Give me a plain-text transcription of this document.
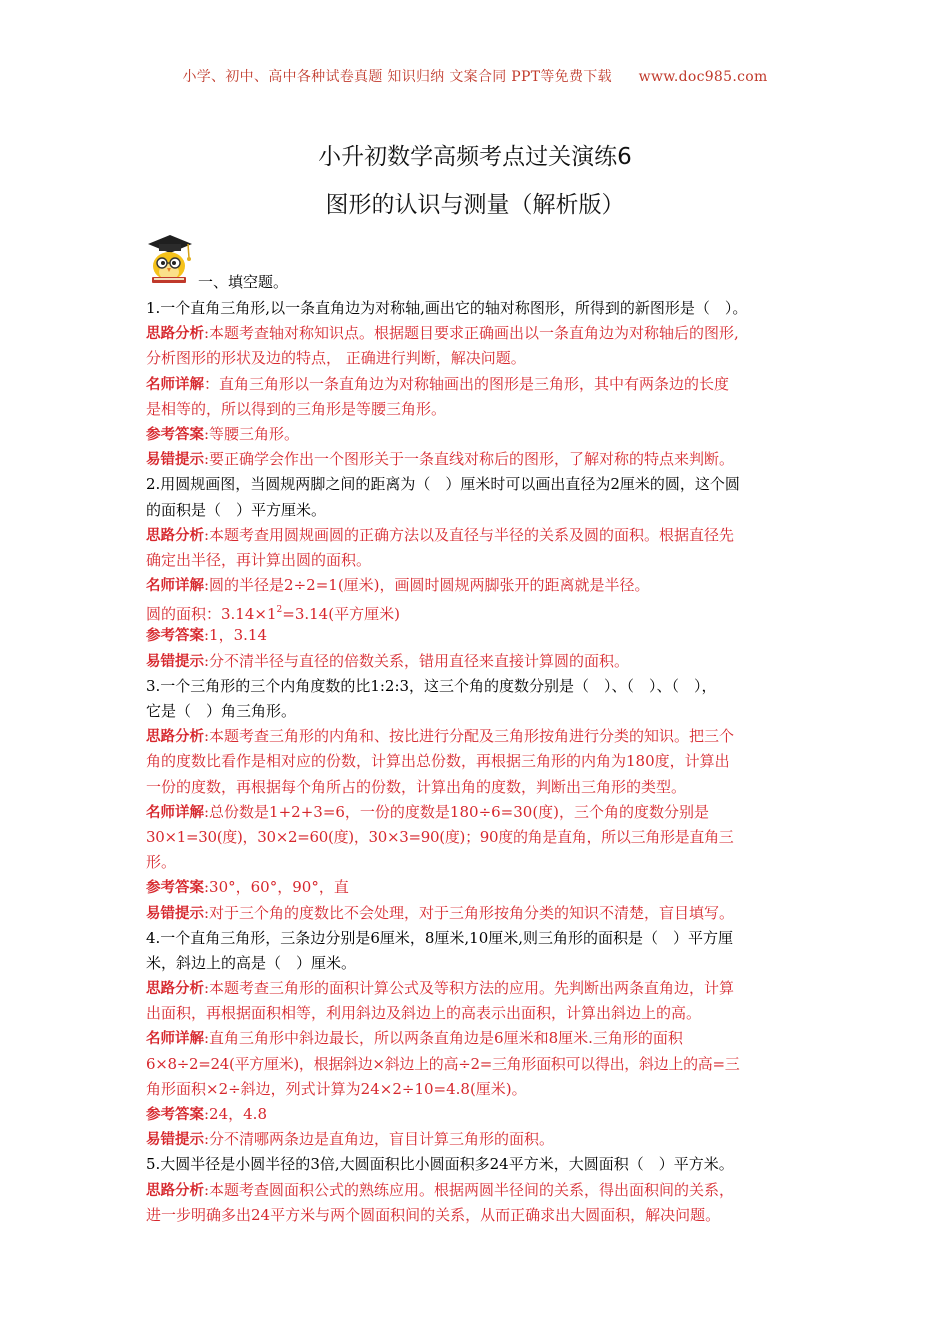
小学、初中、高中各种试卷真题 知识归纳 文案合同 PPT等免费下载 www.doc985.com
小升初数学高频考点过关演练6
图形的认识与测量（解析版）
一、填空题。
1.一个直角三角形,以一条直角边为对称轴,画出它的轴对称图形，所得到的新图形是（　）。
思路分析:本题考查轴对称知识点。根据题目要求正确画出以一条直角边为对称轴后的图形,
分析图形的形状及边的特点， 正确进行判断，解决问题。
名师详解：直角三角形以一条直角边为对称轴画出的图形是三角形，其中有两条边的长度
是相等的，所以得到的三角形是等腰三角形。
参考答案:等腰三角形。
易错提示:要正确学会作出一个图形关于一条直线对称后的图形，了解对称的特点来判断。
2.用圆规画图，当圆规两脚之间的距离为（　）厘米时可以画出直径为2厘米的圆，这个圆
的面积是（　）平方厘米。
思路分析:本题考查用圆规画圆的正确方法以及直径与半径的关系及圆的面积。根据直径先
确定出半径，再计算出圆的面积。
名师详解:圆的半径是2÷2=1(厘米)，画圆时圆规两脚张开的距离就是半径。
圆的面积：$3.14\times 1^2=3.14$(平方厘米)
参考答案:1，3.14
易错提示:分不清半径与直径的倍数关系，错用直径来直接计算圆的面积。
3.一个三角形的三个内角度数的比1:2:3，这三个角的度数分别是（　）、（　）、（　），
它是（　）角三角形。
思路分析:本题考查三角形的内角和、按比进行分配及三角形按角进行分类的知识。把三个
角的度数比看作是相对应的份数，计算出总份数，再根据三角形的内角为180度，计算出
一份的度数，再根据每个角所占的份数，计算出角的度数，判断出三角形的类型。
名师详解:总份数是1+2+3=6，一份的度数是180÷6=30(度)，三个角的度数分别是
30×1=30(度)，30×2=60(度)，30×3=90(度)；90度的角是直角，所以三角形是直角三
形。
参考答案:30°，60°，90°，直
易错提示:对于三个角的度数比不会处理，对于三角形按角分类的知识不清楚，盲目填写。
4.一个直角三角形，三条边分别是6厘米，8厘米,10厘米,则三角形的面积是（　）平方厘
米，斜边上的高是（　）厘米。
思路分析:本题考查三角形的面积计算公式及等积方法的应用。先判断出两条直角边，计算
出面积，再根据面积相等，利用斜边及斜边上的高表示出面积，计算出斜边上的高。
名师详解:直角三角形中斜边最长，所以两条直角边是6厘米和8厘米.三角形的面积
6×8÷2=24(平方厘米)，根据斜边×斜边上的高÷2=三角形面积可以得出，斜边上的高=三
角形面积×2÷斜边，列式计算为24×2÷10=4.8(厘米)。
参考答案:24，4.8
易错提示:分不清哪两条边是直角边，盲目计算三角形的面积。
5.大圆半径是小圆半径的3倍,大圆面积比小圆面积多24平方米，大圆面积（　）平方米。
思路分析:本题考查圆面积公式的熟练应用。根据两圆半径间的关系，得出面积间的关系，
进一步明确多出24平方米与两个圆面积间的关系，从而正确求出大圆面积，解决问题。
